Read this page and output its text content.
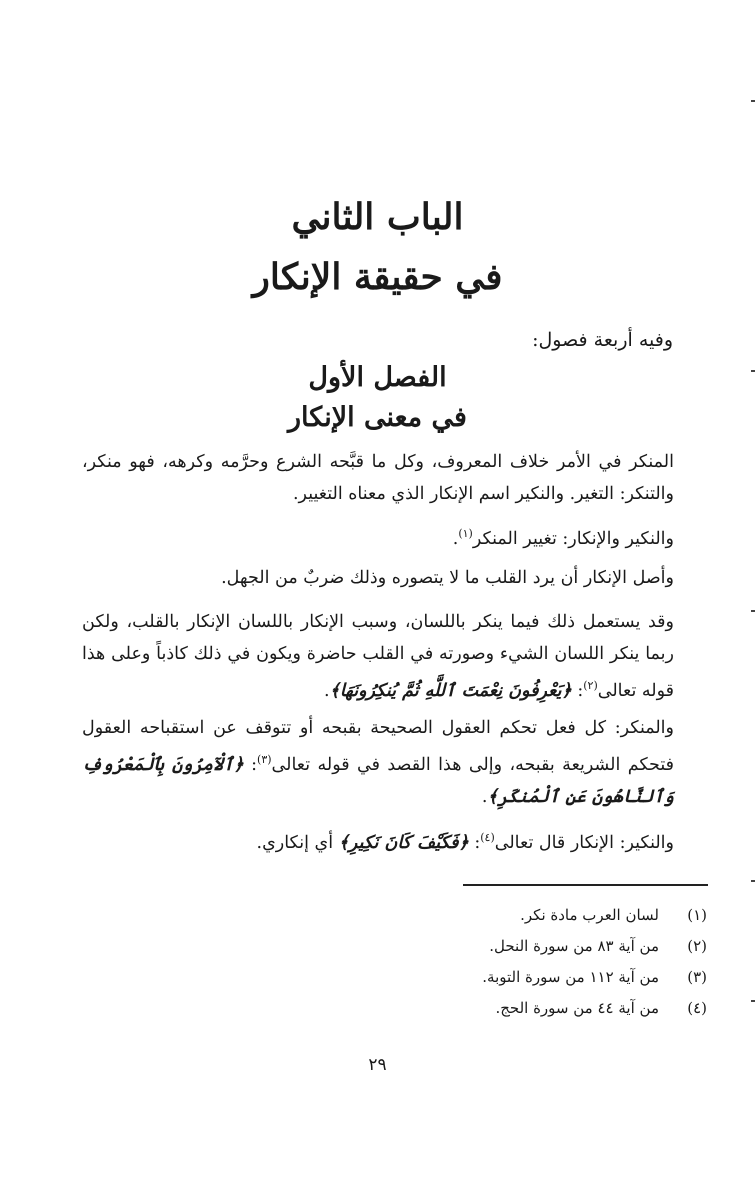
الباب الثاني
في حقيقة الإنكار
وفيه أربعة فصول:
الفصل الأول
في معنى الإنكار

المنكر في الأمر خلاف المعروف، وكل ما قبَّحه الشرع وحرَّمه وكرهه، فهو منكر، والتنكر: التغير. والنكير اسم الإنكار الذي معناه التغيير.

والنكير والإنكار: تغيير المنكر$^{(١)}$.

وأصل الإنكار أن يرد القلب ما لا يتصوره وذلك ضربٌ من الجهل.

وقد يستعمل ذلك فيما ينكر باللسان، وسبب الإنكار باللسان الإنكار بالقلب، ولكن ربما ينكر اللسان الشيء وصورته في القلب حاضرة ويكون في ذلك كاذباً وعلى هذا قوله تعالى$^{(٢)}$: ﴿يَعْرِفُونَ نِعْمَتَ ٱللَّهِ ثُمَّ يُنكِرُونَهَا﴾.

والمنكر: كل فعل تحكم العقول الصحيحة بقبحه أو تتوقف عن استقباحه العقول فتحكم الشريعة بقبحه، وإلى هذا القصد في قوله تعالى$^{(٣)}$: ﴿ٱلْآمِرُونَ بِٱلْمَعْرُوفِ وَٱلنَّاهُونَ عَنِ ٱلْمُنكَرِ﴾.

والنكير: الإنكار قال تعالى$^{(٤)}$: ﴿فَكَيْفَ كَانَ نَكِيرِ﴾ أي إنكاري.

(١)
لسان العرب مادة نكر.
(٢)
من آية ٨٣ من سورة النحل.
(٣)
من آية ١١٢ من سورة التوبة.
(٤)
من آية ٤٤ من سورة الحج.
٢٩
